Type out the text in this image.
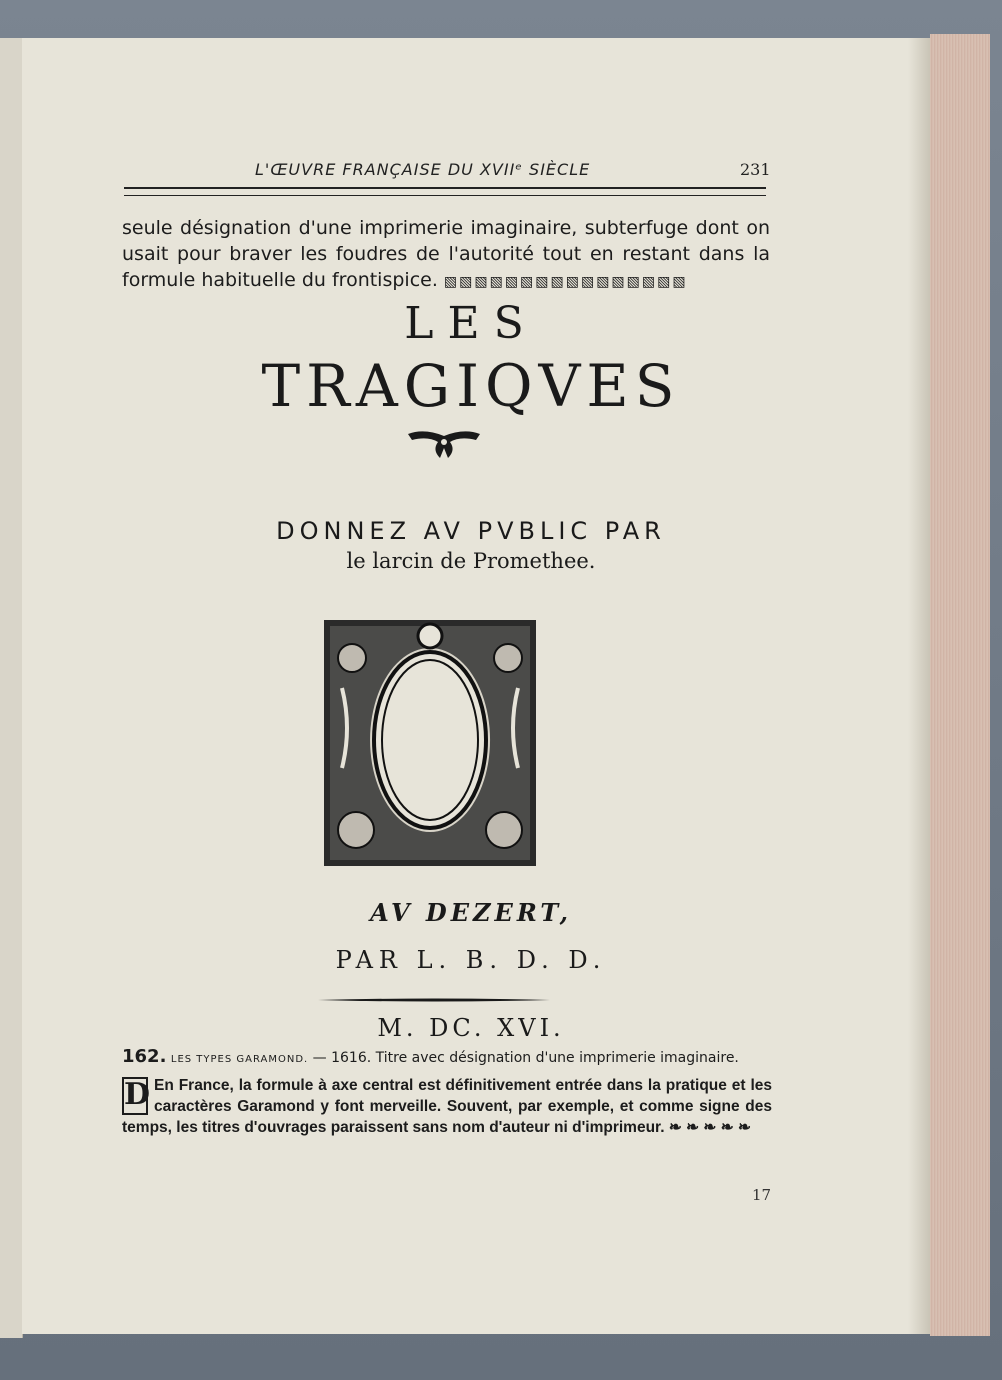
L'ŒUVRE FRANÇAISE DU XVIIᵉ SIÈCLE	231
seule désignation d'une imprimerie imaginaire, subterfuge dont on usait pour braver les foudres de l'autorité tout en restant dans la formule habituelle du frontispice. ▧▧▧▧▧▧▧▧▧▧▧▧▧▧▧▧
LES
TRAGIQVES
DONNEZ AV PVBLIC PAR
le larcin de Promethee.
AV DEZERT,
PAR L. B. D. D.
M. DC. XVI.
162. LES TYPES GARAMOND. — 1616. Titre avec désignation d'une imprimerie imaginaire.
D En France, la formule à axe central est définitivement entrée dans la pratique et les caractères Garamond y font merveille. Souvent, par exemple, et comme signe des temps, les titres d'ouvrages paraissent sans nom d'auteur ni d'imprimeur. ❧ ❧ ❧ ❧ ❧
17
